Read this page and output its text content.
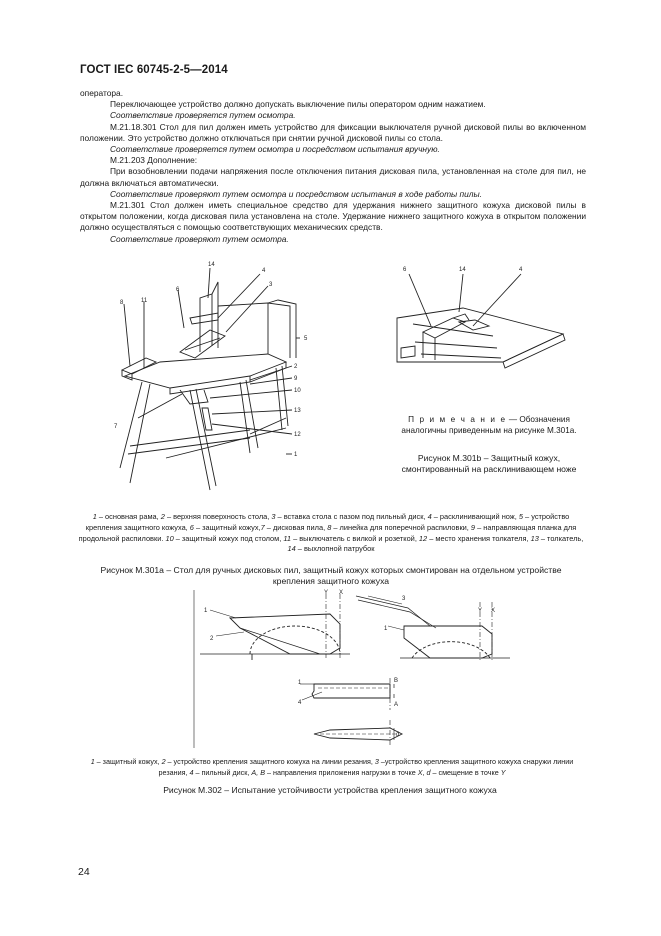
ГОСТ IEC 60745-2-5—2014

оператора.

Переключающее устройство должно допускать выключение пилы оператором одним нажатием.

Соответствие проверяется путем осмотра.

M.21.18.301 Стол для пил должен иметь устройство для фиксации выключателя ручной дисковой пилы во включенном положении. Это устройство должно отключаться при снятии ручной дисковой пилы со стола.

Соответствие проверяется путем осмотра и посредством испытания вручную.

M.21.203 Дополнение:

При возобновлении подачи напряжения после отключения питания дисковая пила, установленная на столе для пил, не должна включаться автоматически.

Соответствие проверяют путем осмотра и посредством испытания в ходе работы пилы.

M.21.301 Стол должен иметь специальное средство для удержания нижнего защитного кожуха дисковой пилы в открытом положении, когда дисковая пила установлена на столе. Удержание нижнего защитного кожуха в открытом положении должно осуществляться с помощью соответствующих механических средств.

Соответствие проверяют путем осмотра.

14
4
3
6
8	11
5
2
9
10
7
13
12
1
6	14	4
П р и м е ч а н и е — Обозначения аналогичны приведенным на рисунке М.301а.
Рисунок М.301b – Защитный кожух, смонтированный на расклинивающем ноже
1 – основная рама, 2 – верхняя поверхность стола, 3 – вставка стола с пазом под пильный диск, 4 – расклинивающий нож, 5 – устройство крепления защитного кожуха, 6 – защитный кожух,7 – дисковая пила, 8 – линейка для поперечной распиловки, 9 – направляющая планка для продольной распиловки. 10 – защитный кожух под столом, 11 – выключатель с вилкой и розеткой, 12 – место хранения толкателя, 13 – толкатель, 14 – выхлопной патрубок
Рисунок М.301а – Стол для ручных дисковых пил, защитный кожух которых смонтирован на отдельном устройстве крепления защитного кожуха
1
2
Y X
3
1
Y X
1
4
B
A
d
1 – защитный кожух, 2 – устройство крепления защитного кожуха на линии резания, 3 –устройство крепления защитного кожуха снаружи линии резания, 4 – пильный диск, A, B – направления приложения нагрузки в точке X, d – смещение в точке Y
Рисунок М.302 – Испытание устойчивости устройства крепления защитного кожуха
24
